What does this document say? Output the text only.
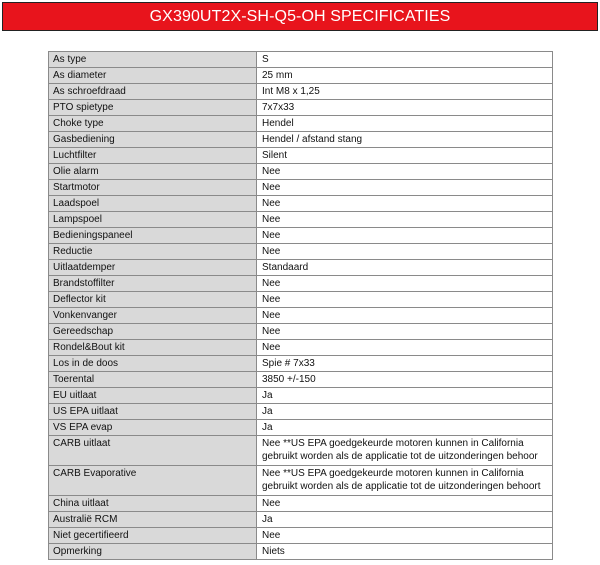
GX390UT2X-SH-Q5-OH SPECIFICATIES
As type	S
As diameter	25 mm
As schroefdraad	Int M8 x 1,25
PTO spietype	7x7x33
Choke type	Hendel
Gasbediening	Hendel / afstand stang
Luchtfilter	Silent
Olie alarm	Nee
Startmotor	Nee
Laadspoel	Nee
Lampspoel	Nee
Bedieningspaneel	Nee
Reductie	Nee
Uitlaatdemper	Standaard
Brandstoffilter	Nee
Deflector kit	Nee
Vonkenvanger	Nee
Gereedschap	Nee
Rondel&Bout kit	Nee
Los in de doos	Spie # 7x33
Toerental	3850 +/-150
EU uitlaat	Ja
US EPA uitlaat	Ja
VS EPA evap	Ja
CARB uitlaat	Nee **US EPA goedgekeurde motoren kunnen in California gebruikt worden als de applicatie tot de uitzonderingen behoor
CARB Evaporative	Nee **US EPA goedgekeurde motoren kunnen in California gebruikt worden als de applicatie tot de uitzonderingen behoort
China uitlaat	Nee
Australië RCM	Ja
Niet gecertifieerd	Nee
Opmerking	Niets
